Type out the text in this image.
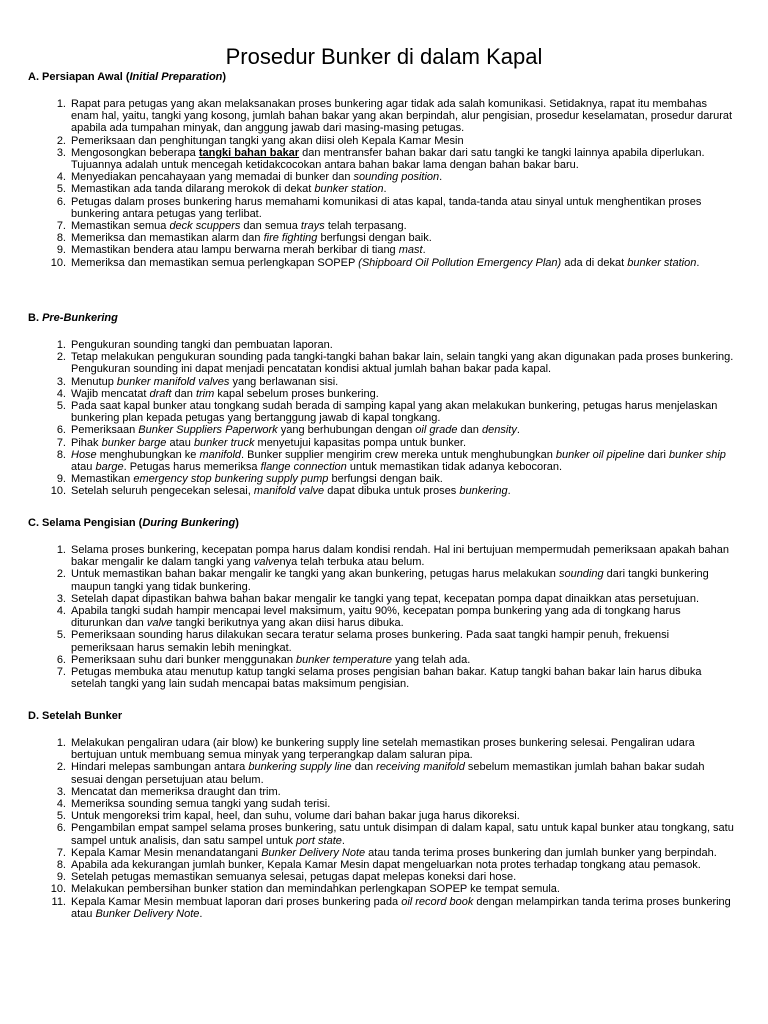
Prosedur Bunker di dalam Kapal

A. Persiapan Awal (Initial Preparation)

1. Rapat para petugas yang akan melaksanakan proses bunkering agar tidak ada salah komunikasi. Setidaknya, rapat itu membahas enam hal, yaitu, tangki yang kosong, jumlah bahan bakar yang akan berpindah, alur pengisian, prosedur keselamatan, prosedur darurat apabila ada tumpahan minyak, dan anggung jawab dari masing-masing petugas.
2. Pemeriksaan dan penghitungan tangki yang akan diisi oleh Kepala Kamar Mesin
3. Mengosongkan beberapa tangki bahan bakar dan mentransfer bahan bakar dari satu tangki ke tangki lainnya apabila diperlukan. Tujuannya adalah untuk mencegah ketidakcocokan antara bahan bakar lama dengan bahan bakar baru.
4. Menyediakan pencahayaan yang memadai di bunker dan sounding position.
5. Memastikan ada tanda dilarang merokok di dekat bunker station.
6. Petugas dalam proses bunkering harus memahami komunikasi di atas kapal, tanda-tanda atau sinyal untuk menghentikan proses bunkering antara petugas yang terlibat.
7. Memastikan semua deck scuppers dan semua trays telah terpasang.
8. Memeriksa dan memastikan alarm dan fire fighting berfungsi dengan baik.
9. Memastikan bendera atau lampu berwarna merah berkibar di tiang mast.
10. Memeriksa dan memastikan semua perlengkapan SOPEP (Shipboard Oil Pollution Emergency Plan) ada di dekat bunker station.

B. Pre-Bunkering

1. Pengukuran sounding tangki dan pembuatan laporan.
2. Tetap melakukan pengukuran sounding pada tangki-tangki bahan bakar lain, selain tangki yang akan digunakan pada proses bunkering. Pengukuran sounding ini dapat menjadi pencatatan kondisi aktual jumlah bahan bakar pada kapal.
3. Menutup bunker manifold valves yang berlawanan sisi.
4. Wajib mencatat draft dan trim kapal sebelum proses bunkering.
5. Pada saat kapal bunker atau tongkang sudah berada di samping kapal yang akan melakukan bunkering, petugas harus menjelaskan bunkering plan kepada petugas yang bertanggung jawab di kapal tongkang.
6. Pemeriksaan Bunker Suppliers Paperwork yang berhubungan dengan oil grade dan density.
7. Pihak bunker barge atau bunker truck menyetujui kapasitas pompa untuk bunker.
8. Hose menghubungkan ke manifold. Bunker supplier mengirim crew mereka untuk menghubungkan bunker oil pipeline dari bunker ship atau barge. Petugas harus memeriksa flange connection untuk memastikan tidak adanya kebocoran.
9. Memastikan emergency stop bunkering supply pump berfungsi dengan baik.
10. Setelah seluruh pengecekan selesai, manifold valve dapat dibuka untuk proses bunkering.

C. Selama Pengisian (During Bunkering)

1. Selama proses bunkering, kecepatan pompa harus dalam kondisi rendah. Hal ini bertujuan mempermudah pemeriksaan apakah bahan bakar mengalir ke dalam tangki yang valvenya telah terbuka atau belum.
2. Untuk memastikan bahan bakar mengalir ke tangki yang akan bunkering, petugas harus melakukan sounding dari tangki bunkering maupun tangki yang tidak bunkering.
3. Setelah dapat dipastikan bahwa bahan bakar mengalir ke tangki yang tepat, kecepatan pompa dapat dinaikkan atas persetujuan.
4. Apabila tangki sudah hampir mencapai level maksimum, yaitu 90%, kecepatan pompa bunkering yang ada di tongkang harus diturunkan dan valve tangki berikutnya yang akan diisi harus dibuka.
5. Pemeriksaan sounding harus dilakukan secara teratur selama proses bunkering. Pada saat tangki hampir penuh, frekuensi pemeriksaan harus semakin lebih meningkat.
6. Pemeriksaan suhu dari bunker menggunakan bunker temperature yang telah ada.
7. Petugas membuka atau menutup katup tangki selama proses pengisian bahan bakar. Katup tangki bahan bakar lain harus dibuka setelah tangki yang lain sudah mencapai batas maksimum pengisian.

D. Setelah Bunker

1. Melakukan pengaliran udara (air blow) ke bunkering supply line setelah memastikan proses bunkering selesai. Pengaliran udara bertujuan untuk membuang semua minyak yang terperangkap dalam saluran pipa.
2. Hindari melepas sambungan antara bunkering supply line dan receiving manifold sebelum memastikan jumlah bahan bakar sudah sesuai dengan persetujuan atau belum.
3. Mencatat dan memeriksa draught dan trim.
4. Memeriksa sounding semua tangki yang sudah terisi.
5. Untuk mengoreksi trim kapal, heel, dan suhu, volume dari bahan bakar juga harus dikoreksi.
6. Pengambilan empat sampel selama proses bunkering, satu untuk disimpan di dalam kapal, satu untuk kapal bunker atau tongkang, satu sampel untuk analisis, dan satu sampel untuk port state.
7. Kepala Kamar Mesin menandatangani Bunker Delivery Note atau tanda terima proses bunkering dan jumlah bunker yang berpindah.
8. Apabila ada kekurangan jumlah bunker, Kepala Kamar Mesin dapat mengeluarkan nota protes terhadap tongkang atau pemasok.
9. Setelah petugas memastikan semuanya selesai, petugas dapat melepas koneksi dari hose.
10. Melakukan pembersihan bunker station dan memindahkan perlengkapan SOPEP ke tempat semula.
11. Kepala Kamar Mesin membuat laporan dari proses bunkering pada oil record book dengan melampirkan tanda terima proses bunkering atau Bunker Delivery Note.
